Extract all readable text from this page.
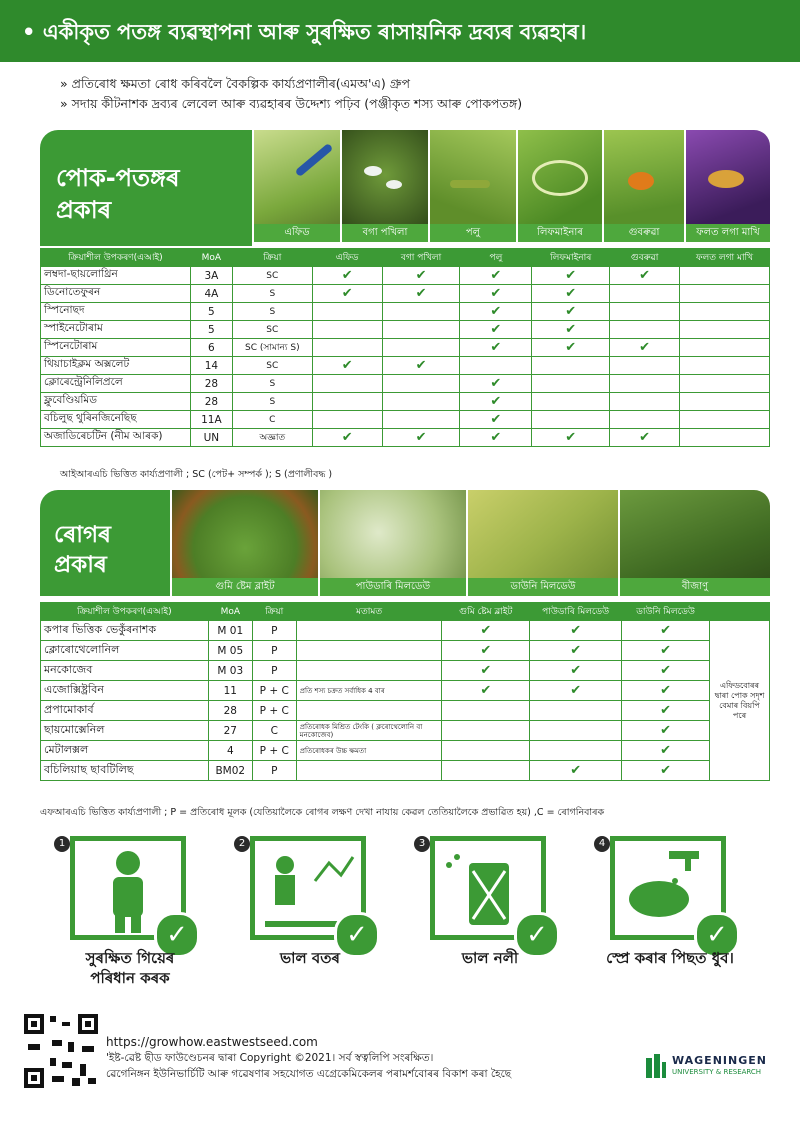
• একীকৃত পতঙ্গ ব্যৱস্থাপনা আৰু সুৰক্ষিত ৰাসায়নিক দ্ৰব্যৰ ব্যৱহাৰ।
» প্ৰতিৰোধ ক্ষমতা ৰোধ কৰিবলৈ বৈকল্পিক কাৰ্য্যপ্ৰণালীৰ(এমঅ'এ) গ্ৰুপ
» সদায় কীটনাশক দ্ৰব্যৰ লেবেল আৰু ব্যৱহাৰৰ উদ্দেশ্য পঢ়িব (পঞ্জীকৃত শস্য আৰু পোকপতঙ্গ)
পোক-পতঙ্গৰ
প্ৰকাৰ
এফিড	বগা পখিলা	পলু	লিফমাইনাৰ	গুবৰুৱা	ফলত লগা মাখি
ক্ৰিয়াশীল উপকৰণ(এআই)	MoA	ক্ৰিয়া	এফিড	বগা পখিলা	পলু	লিফমাইনাৰ	গুবৰুৱা	ফলত লগা মাখি
লম্বদা-ছায়লোথ্ৰিন	3A	SC	✔	✔	✔	✔	✔	
ডিনোতেফুৰন	4A	S	✔	✔	✔	✔		
স্পিনোছদ	5	S			✔	✔		
স্পাইনেটোৰাম	5	SC			✔	✔		
স্পিনেটোৰাম	6	SC (সামান্য S)			✔	✔	✔	
থিয়াচাইক্লম অক্সলেট	14	SC	✔	✔				
ক্লোৰেন্ট্ৰেনিলিপ্ৰলে	28	S			✔			
ফ্লুবেণ্ডিয়মিড	28	S			✔			
বচিলুছ থুৰিনজিনেছিছ	11A	C			✔			
অজাডিৰেচটিন (নীম আৰক)	UN	অজ্ঞাত	✔	✔	✔	✔	✔	
আইআৰএচি ভিত্তিত কাৰ্য্যপ্ৰণালী ; SC (পেট+ সম্পৰ্ক ); S (প্ৰণালীবদ্ধ )
ৰোগৰ
প্ৰকাৰ
গুমি ষ্টেম ব্লাইট	পাউডাৰি মিলডেউ	ডাউনি মিলডেউ	বীজাণু
ক্ৰিয়াশীল উপকৰণ(এআই)	MoA	ক্ৰিয়া	মতামত	গুমি ষ্টেম ব্লাইট	পাউডাৰি মিলডেউ	ডাউনি মিলডেউ	
কপাৰ ভিত্তিক ভেকুঁৰনাশক	M 01	P		✔	✔	✔	এফিডবোৰৰ দ্বাৰা পোক সদৃশ বেমাৰ বিয়পি পৰে
ক্লোৰোথেলোনিল	M 05	P		✔	✔	✔	
মনকোজেব	M 03	P		✔	✔	✔	
এজোক্সিষ্ট্ৰবিন	11	P + C	প্ৰতি শস্য চক্ৰত সৰ্বাধিক 4 বাৰ	✔	✔	✔	
প্ৰপামোকাৰ্ব	28	P + C				✔	
ছায়মোক্সেনিল	27	C	প্ৰতিৰোধক মিশ্ৰিত টেংকি ( ক্লৰোথেলোনি বা মনকোজেব)			✔	
মেটালক্সল	4	P + C	প্ৰতিৰোধকৰ উচ্চ ক্ষমতা			✔	
বচিলিয়াছ ছাবটিলিছ	BM02	P			✔	✔	
এফআৰএচি ভিত্তিত কাৰ্য্যপ্ৰণালী ; P = প্ৰতিৰোধ মূলক (যেতিয়ালৈকে ৰোগৰ লক্ষণ দেখা নাযায় কেৱল তেতিয়ালৈকে প্ৰভাৱিত হয়) ,C = ৰোগনিবাৰক
1
✓
সুৰক্ষিত গিয়েৰ
পৰিধান কৰক
2
✓
ভাল বতৰ
3
✓
ভাল নলী
4
✓
স্প্ৰে কৰাৰ পিছত ধুব।
https://growhow.eastwestseed.com
'ইষ্ট-ৱেষ্ট ছীড ফাউণ্ডেচনৰ দ্বাৰা Copyright ©2021। সৰ্ব স্বত্বলিপি সংৰক্ষিত।
ৱেগেনিঙ্গন ইউনিভাৰ্চিটি আৰু গৱেষণাৰ সহযোগত এগ্ৰেকেমিকেলৰ পৰামৰ্শবোৰৰ বিকাশ কৰা হৈছে
WAGENINGEN
UNIVERSITY & RESEARCH
